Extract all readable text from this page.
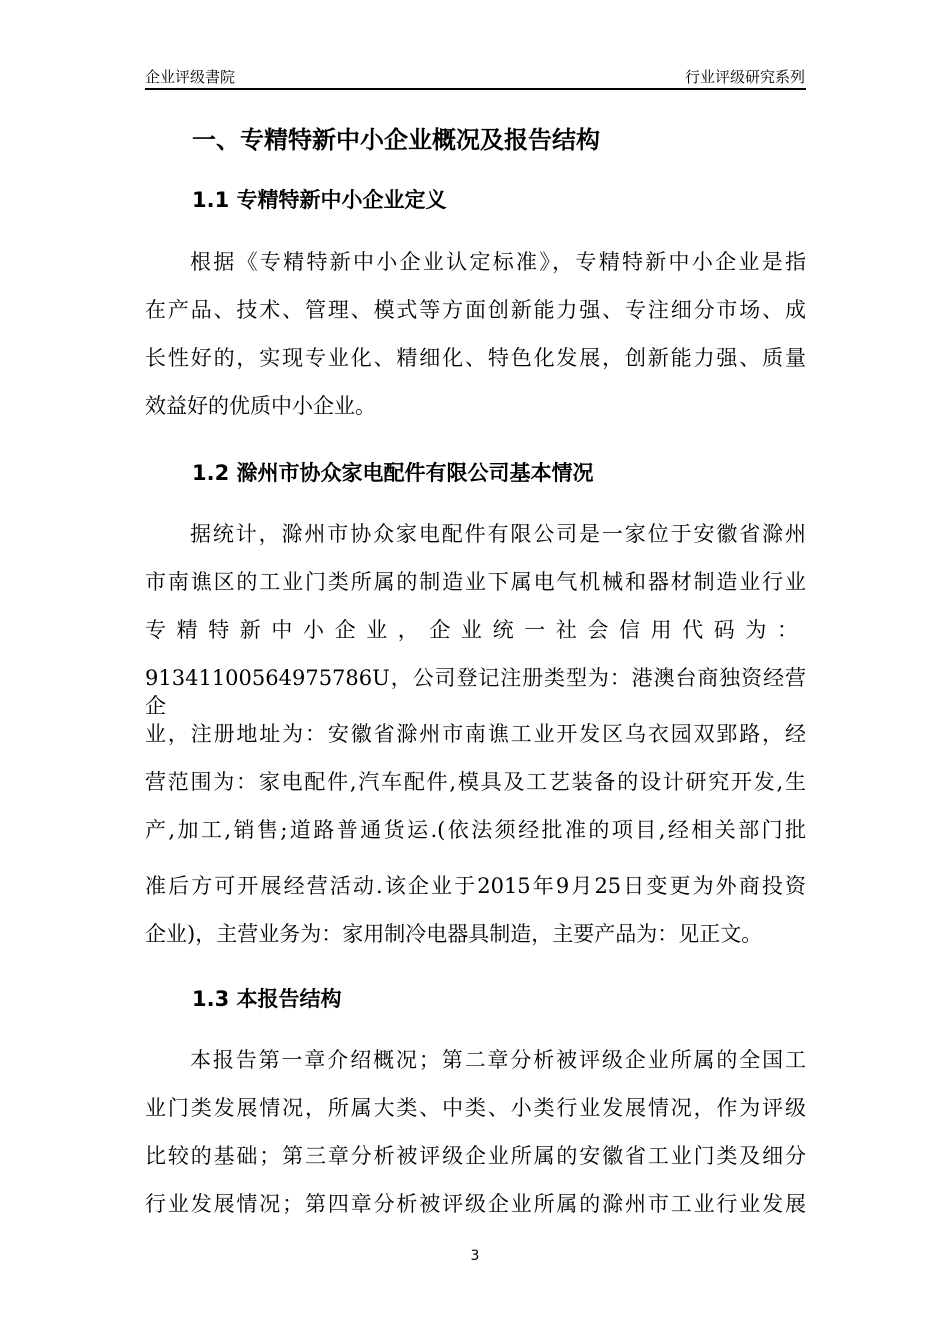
企业评级書院	行业评级研究系列
一、专精特新中小企业概况及报告结构
1.1 专精特新中小企业定义
根据《专精特新中小企业认定标准》，专精特新中小企业是指
在产品、技术、管理、模式等方面创新能力强、专注细分市场、成
长性好的，实现专业化、精细化、特色化发展，创新能力强、质量
效益好的优质中小企业。
1.2 滁州市协众家电配件有限公司基本情况
据统计，滁州市协众家电配件有限公司是一家位于安徽省滁州
市南谯区的工业门类所属的制造业下属电气机械和器材制造业行业
专精特新中小企业，企业统一社会信用代码为：
91341100564975786U，公司登记注册类型为：港澳台商独资经营企
业，注册地址为：安徽省滁州市南谯工业开发区乌衣园双郢路，经
营范围为：家电配件,汽车配件,模具及工艺装备的设计研究开发,生
产,加工,销售;道路普通货运.(依法须经批准的项目,经相关部门批
准后方可开展经营活动.该企业于2015年9月25日变更为外商投资
企业)，主营业务为：家用制冷电器具制造，主要产品为：见正文。
1.3 本报告结构
本报告第一章介绍概况；第二章分析被评级企业所属的全国工
业门类发展情况，所属大类、中类、小类行业发展情况，作为评级
比较的基础；第三章分析被评级企业所属的安徽省工业门类及细分
行业发展情况；第四章分析被评级企业所属的滁州市工业行业发展
3
